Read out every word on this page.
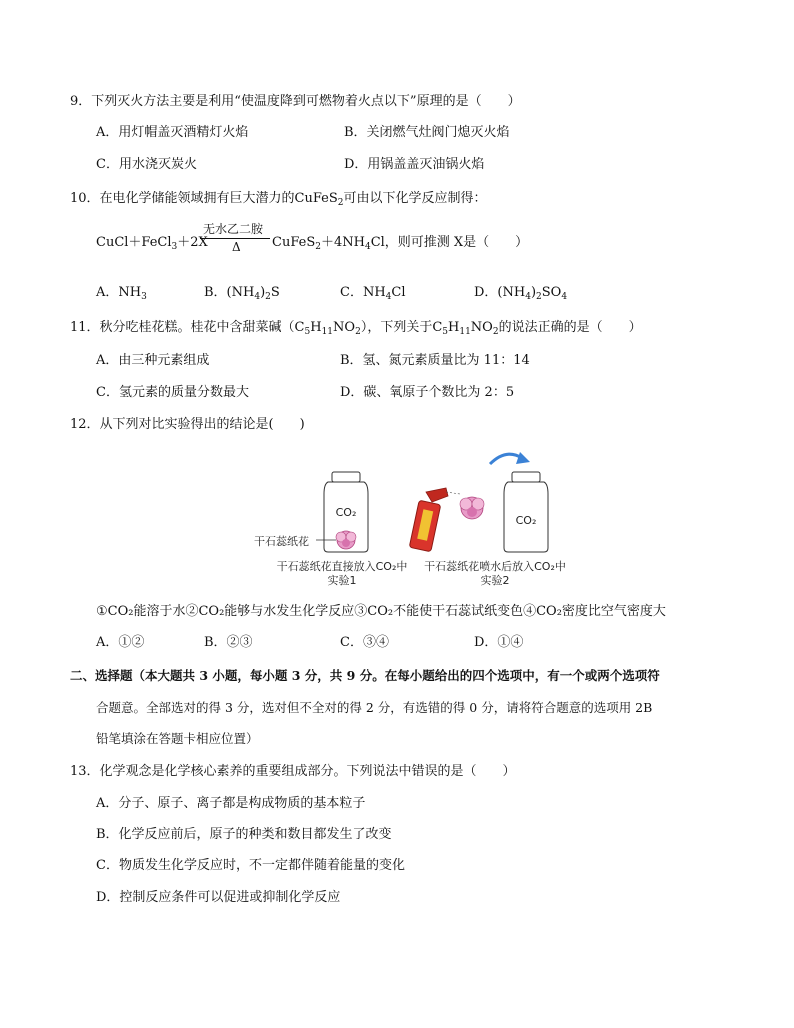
9．下列灭火方法主要是利用“使温度降到可燃物着火点以下”原理的是（　　）
A．用灯帽盖灭酒精灯火焰	B．关闭燃气灶阀门熄灭火焰
C．用水浇灭炭火	D．用锅盖盖灭油锅火焰
10．在电化学储能领域拥有巨大潜力的CuFeS$_2$可由以下化学反应制得：
CuCl＋FeCl$_3$＋2X
无水乙二胺
Δ $CuFeS_2+4NH_4Cl$，则可推测 X是（　　）
A．$NH_3$	B．$(NH_4)_2S$	C．$NH_4Cl$	D．$(NH_4)_2SO_4$
11．秋分吃桂花糕。桂花中含甜菜碱$(C_5H_{11}NO_2)$，下列关于$C_5H_{11}NO_2$的说法正确的是（　　）
A．由三种元素组成	B．氢、氮元素质量比为 11：14
C．氢元素的质量分数最大	D．碳、氧原子个数比为 2：5
12．从下列对比实验得出的结论是(　　)
CO₂
CO₂
干石蕊纸花
干石蕊纸花直接放入CO₂中
实验1
干石蕊纸花喷水后放入CO₂中
实验2
①CO₂能溶于水②CO₂能够与水发生化学反应③CO₂不能使干石蕊试纸变色④CO₂密度比空气密度大
A．①②	B．②③	C．③④	D．①④
二、选择题（本大题共 3 小题，每小题 3 分，共 9 分。在每小题给出的四个选项中，有一个或两个选项符
合题意。全部选对的得 3 分，选对但不全对的得 2 分，有选错的得 0 分，请将符合题意的选项用 2B
铅笔填涂在答题卡相应位置）
13．化学观念是化学核心素养的重要组成部分。下列说法中错误的是（　　）
A．分子、原子、离子都是构成物质的基本粒子
B．化学反应前后，原子的种类和数目都发生了改变
C．物质发生化学反应时，不一定都伴随着能量的变化
D．控制反应条件可以促进或抑制化学反应
